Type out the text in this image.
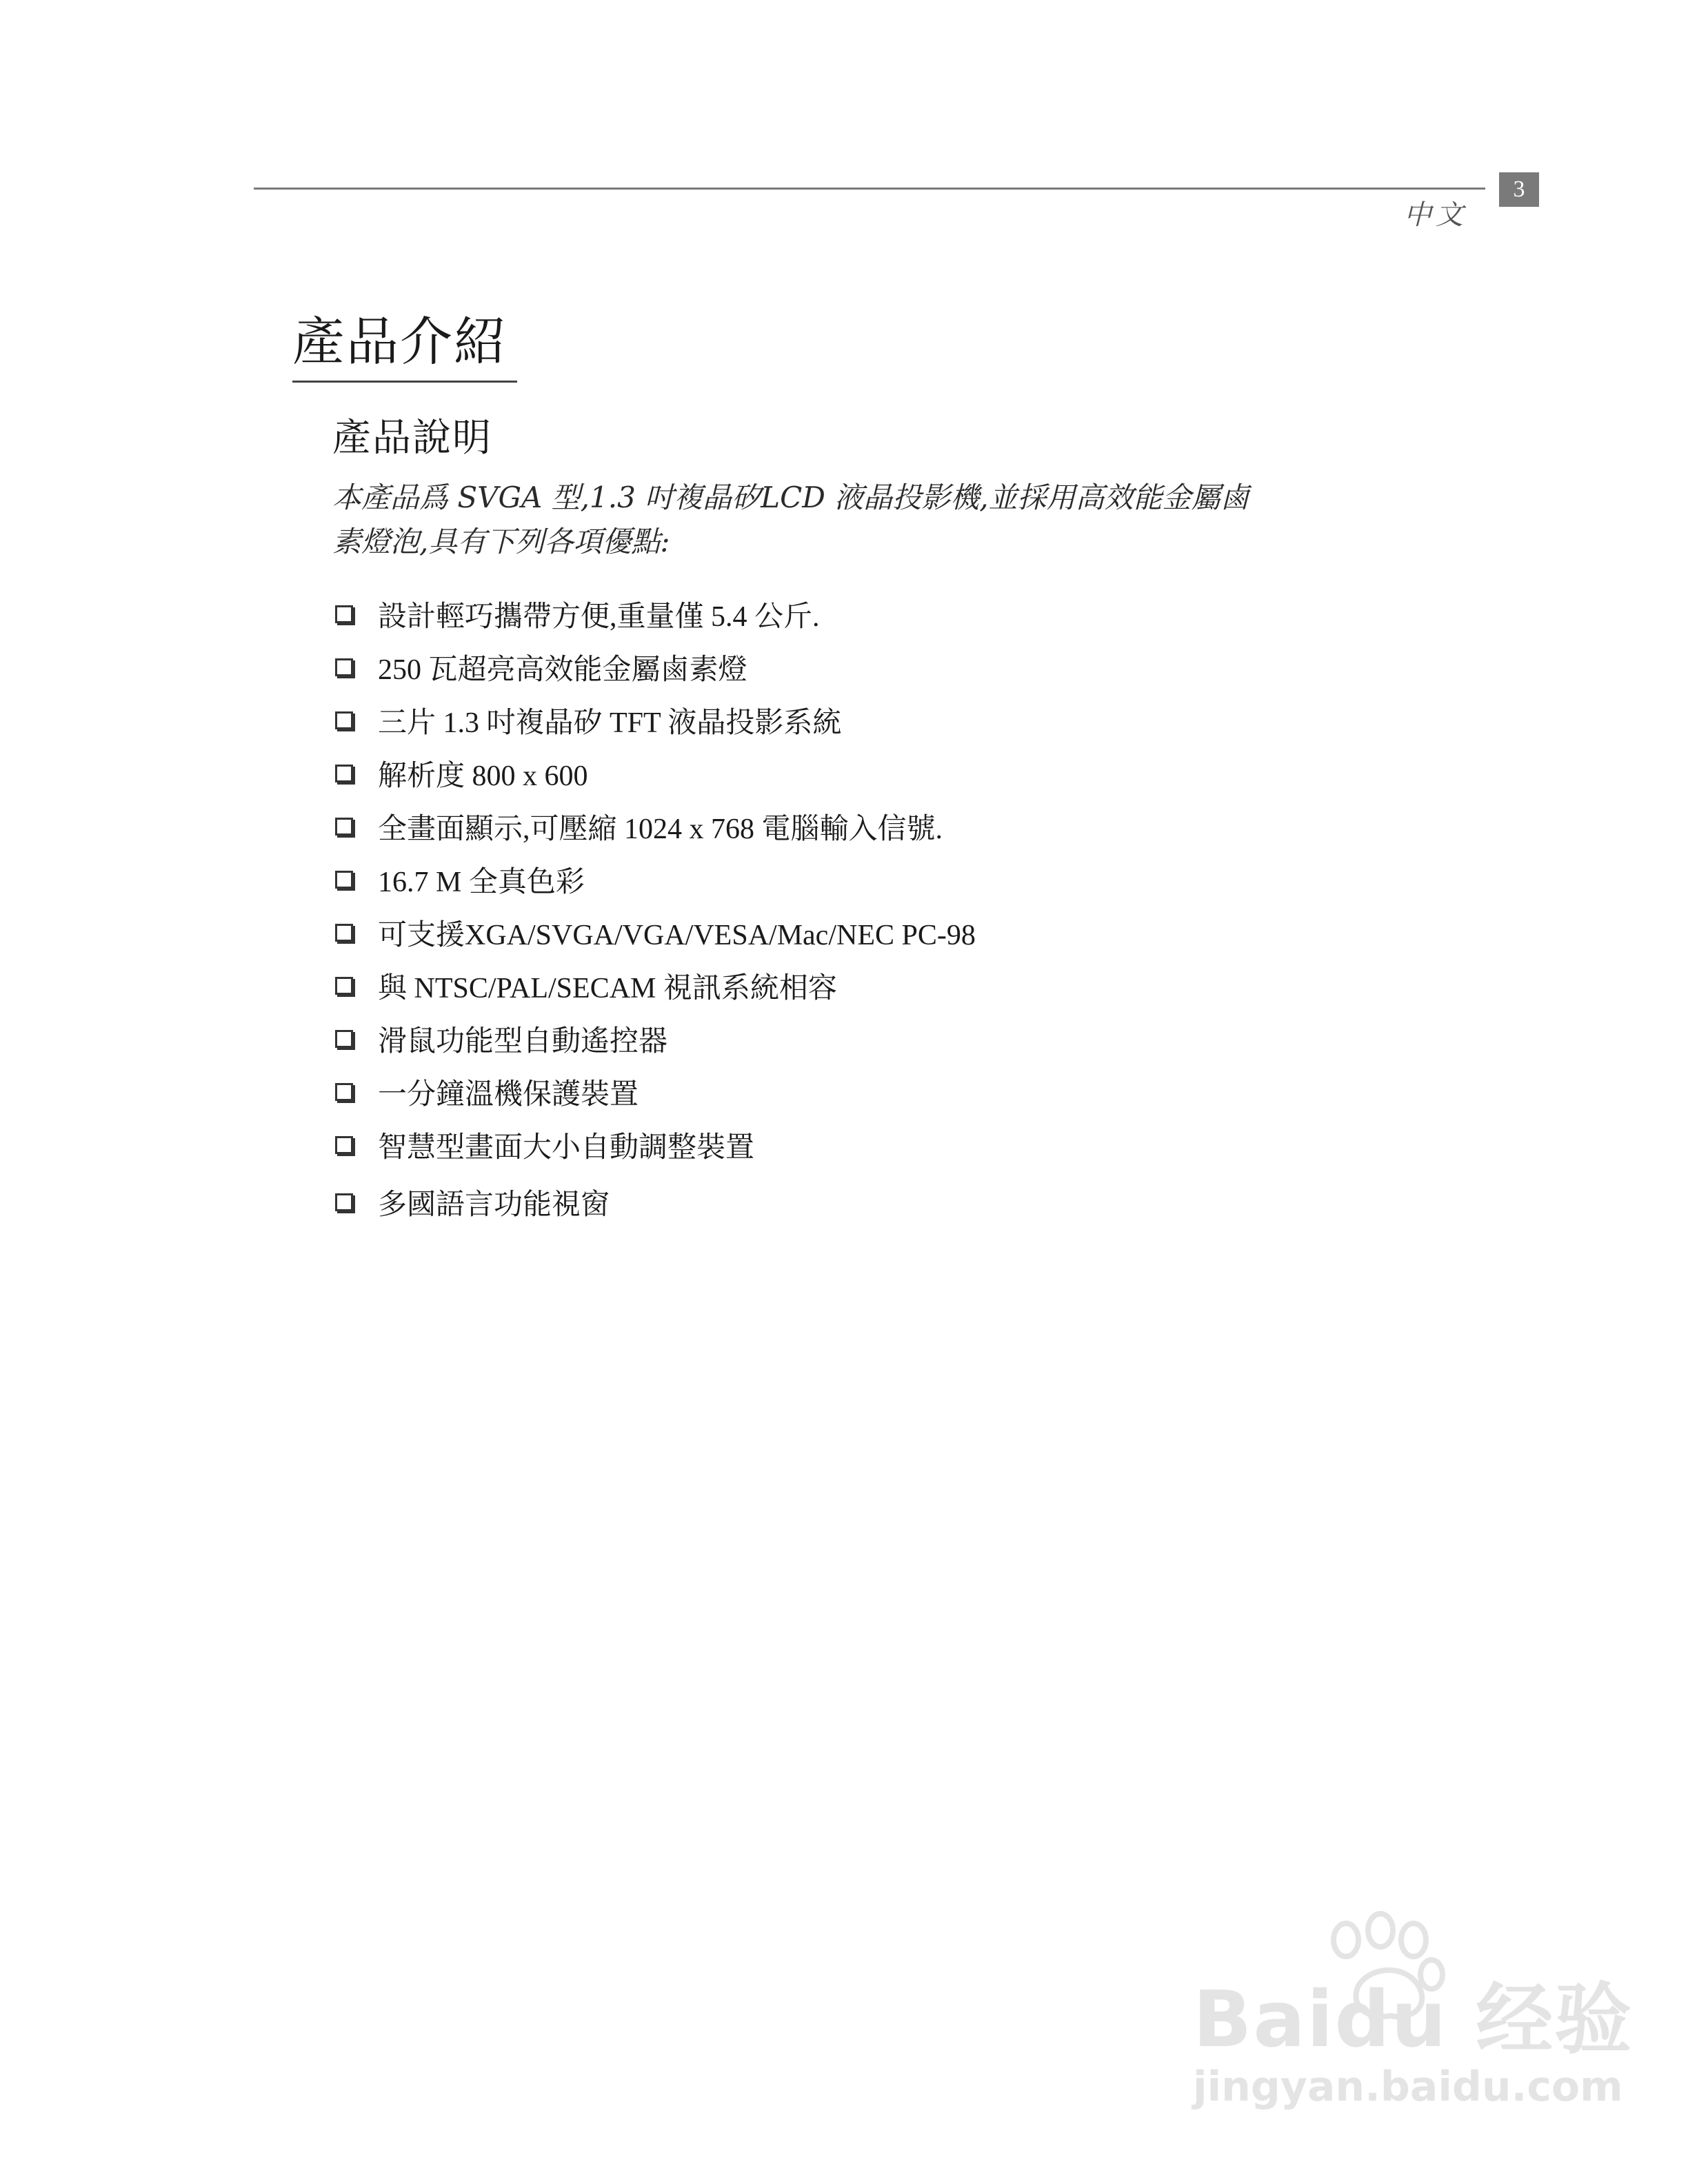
中文
3
產品介紹
產品說明

本產品爲 SVGA 型,1.3 吋複晶矽LCD 液晶投影機,並採用高效能金屬鹵

素燈泡,具有下列各項優點:

設計輕巧攜帶方便,重量僅 5.4 公斤.
250 瓦超亮高效能金屬鹵素燈
三片 1.3 吋複晶矽 TFT 液晶投影系統
解析度 800 x 600
全畫面顯示,可壓縮 1024 x 768 電腦輸入信號.
16.7 M 全真色彩
可支援XGA/SVGA/VGA/VESA/Mac/NEC PC-98
與 NTSC/PAL/SECAM 視訊系統相容
滑鼠功能型自動遙控器
一分鐘溫機保護裝置
智慧型畫面大小自動調整裝置
多國語言功能視窗
Baidu 经验
jingyan.baidu.com
